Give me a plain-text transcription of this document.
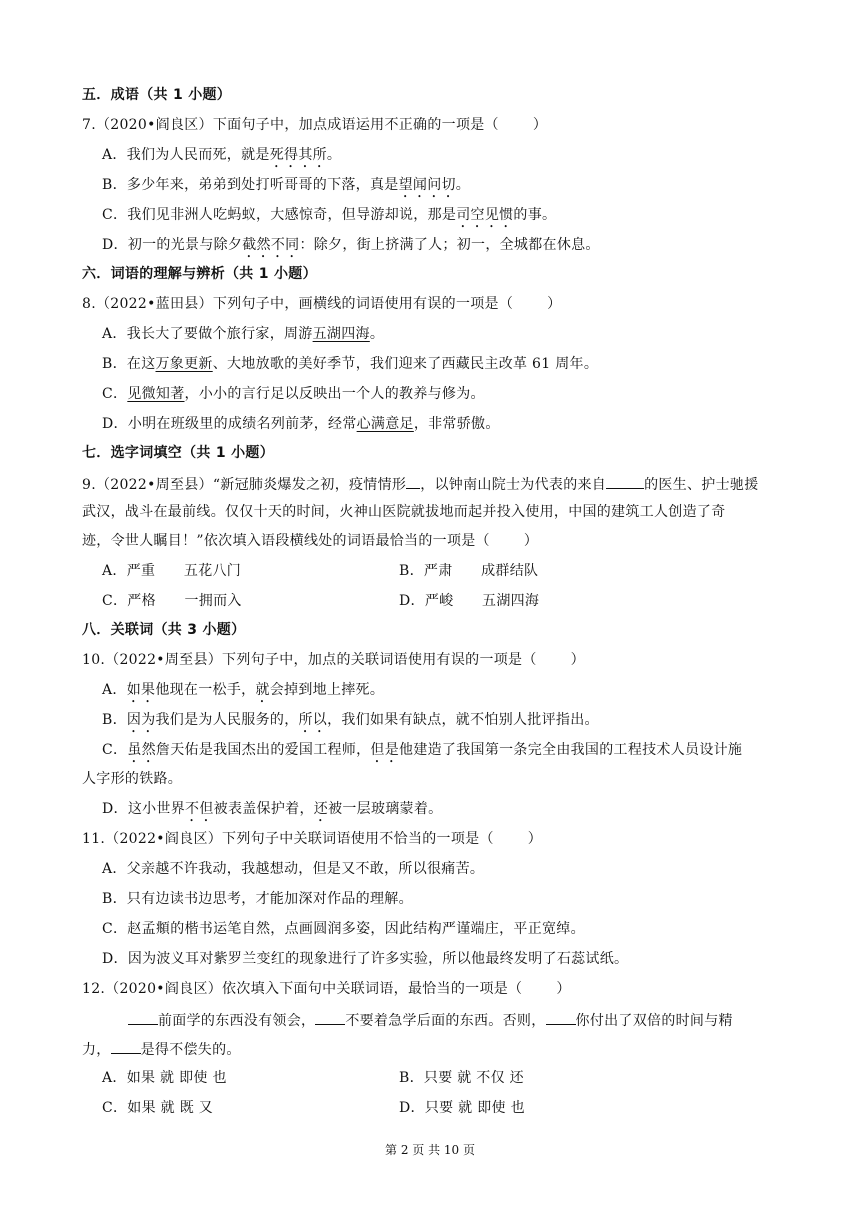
五．成语（共 1 小题）
7.（2020•阎良区）下面句子中，加点成语运用不正确的一项是（ ）
A．我们为人民而死，就是死得其所。
B．多少年来，弟弟到处打听哥哥的下落，真是望闻问切。
C．我们见非洲人吃蚂蚁，大感惊奇，但导游却说，那是司空见惯的事。
D．初一的光景与除夕截然不同：除夕，街上挤满了人；初一，全城都在休息。
六．词语的理解与辨析（共 1 小题）
8.（2022•蓝田县）下列句子中，画横线的词语使用有误的一项是（ ）
A．我长大了要做个旅行家，周游五湖四海。
B．在这万象更新、大地放歌的美好季节，我们迎来了西藏民主改革 61 周年。
C．见微知著，小小的言行足以反映出一个人的教养与修为。
D．小明在班级里的成绩名列前茅，经常心满意足，非常骄傲。
七．选字词填空（共 1 小题）
9.（2022•周至县）“新冠肺炎爆发之初，疫情情形 ，以钟南山院士为代表的来自	的医生、护士驰援
武汉，战斗在最前线。仅仅十天的时间，火神山医院就拔地而起并投入使用，中国的建筑工人创造了奇
迹，令世人瞩目！”依次填入语段横线处的词语最恰当的一项是（ ）
A．严重　　五花八门	B．严肃　　成群结队
C．严格　　一拥而入	D．严峻　　五湖四海
八．关联词（共 3 小题）
10.（2022•周至县）下列句子中，加点的关联词语使用有误的一项是（ ）
A．如果他现在一松手，就会掉到地上摔死。
B．因为我们是为人民服务的，所以，我们如果有缺点，就不怕别人批评指出。
C．虽然詹天佑是我国杰出的爱国工程师，但是他建造了我国第一条完全由我国的工程技术人员设计施
人字形的铁路。
D．这小世界不但被表盖保护着，还被一层玻璃蒙着。
11.（2022•阎良区）下列句子中关联词语使用不恰当的一项是（ ）
A．父亲越不许我动，我越想动，但是又不敢，所以很痛苦。
B．只有边读书边思考，才能加深对作品的理解。
C．赵孟頫的楷书运笔自然，点画圆润多姿，因此结构严谨端庄，平正宽绰。
D．因为波义耳对紫罗兰变红的现象进行了许多实验，所以他最终发明了石蕊试纸。
12.（2020•阎良区）依次填入下面句中关联词语，最恰当的一项是（ ）
前面学的东西没有领会， 不要着急学后面的东西。否则， 你付出了双倍的时间与精
力， 是得不偿失的。
A．如果 就 即使 也	B．只要 就 不仅 还
C．如果 就 既 又	D．只要 就 即使 也
第 2 页 共 10 页
